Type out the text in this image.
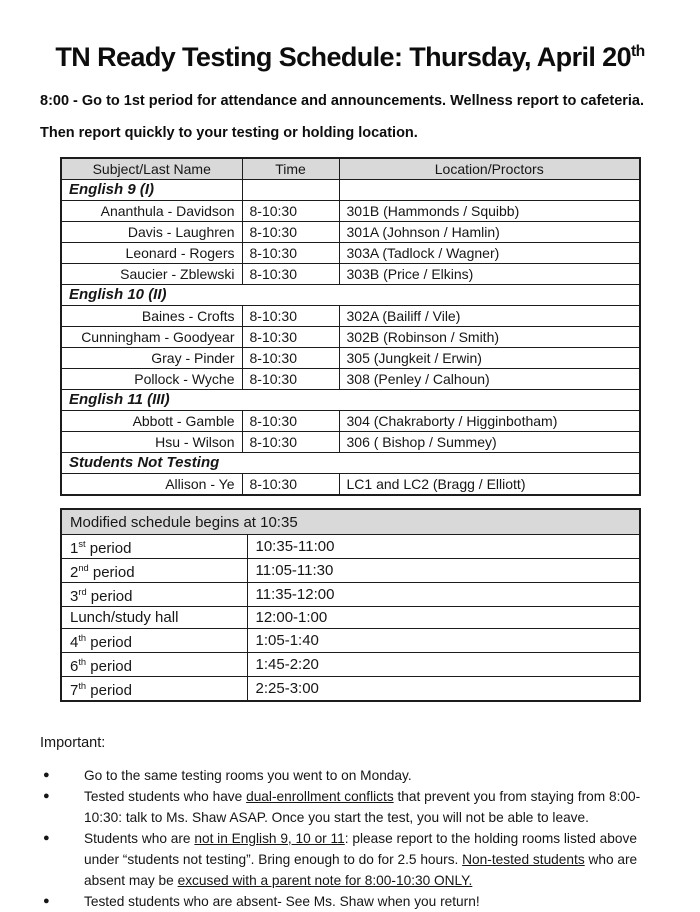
TN Ready Testing Schedule: Thursday, April 20th

8:00 - Go to 1st period for attendance and announcements. Wellness report to cafeteria.

Then report quickly to your testing or holding location.

Subject/Last Name	Time	Location/Proctors
English 9 (I)		
Ananthula - Davidson	8-10:30	301B (Hammonds / Squibb)
Davis - Laughren	8-10:30	301A (Johnson / Hamlin)
Leonard - Rogers	8-10:30	303A (Tadlock / Wagner)
Saucier - Zblewski	8-10:30	303B (Price / Elkins)
English 10 (II)		
Baines - Crofts	8-10:30	302A (Bailiff / Vile)
Cunningham - Goodyear	8-10:30	302B (Robinson / Smith)
Gray - Pinder	8-10:30	305 (Jungkeit / Erwin)
Pollock - Wyche	8-10:30	308 (Penley / Calhoun)
English 11 (III)		
Abbott - Gamble	8-10:30	304 (Chakraborty / Higginbotham)
Hsu - Wilson	8-10:30	306 ( Bishop / Summey)
Students Not Testing		
Allison - Ye	8-10:30	LC1 and LC2 (Bragg / Elliott)
Modified schedule begins at 10:35	
1st period	10:35-11:00
2nd period	11:05-11:30
3rd period	11:35-12:00
Lunch/study hall	12:00-1:00
4th period	1:05-1:40
6th period	1:45-2:20
7th period	2:25-3:00

Important:

●	Go to the same testing rooms you went to on Monday.
●	Tested students who have dual-enrollment conflicts that prevent you from staying from 8:00-10:30: talk to Ms. Shaw ASAP. Once you start the test, you will not be able to leave.
●	Students who are not in English 9, 10 or 11: please report to the holding rooms listed above under “students not testing”. Bring enough to do for 2.5 hours. Non-tested students who are absent may be excused with a parent note for 8:00-10:30 ONLY.
●	Tested students who are absent- See Ms. Shaw when you return!
